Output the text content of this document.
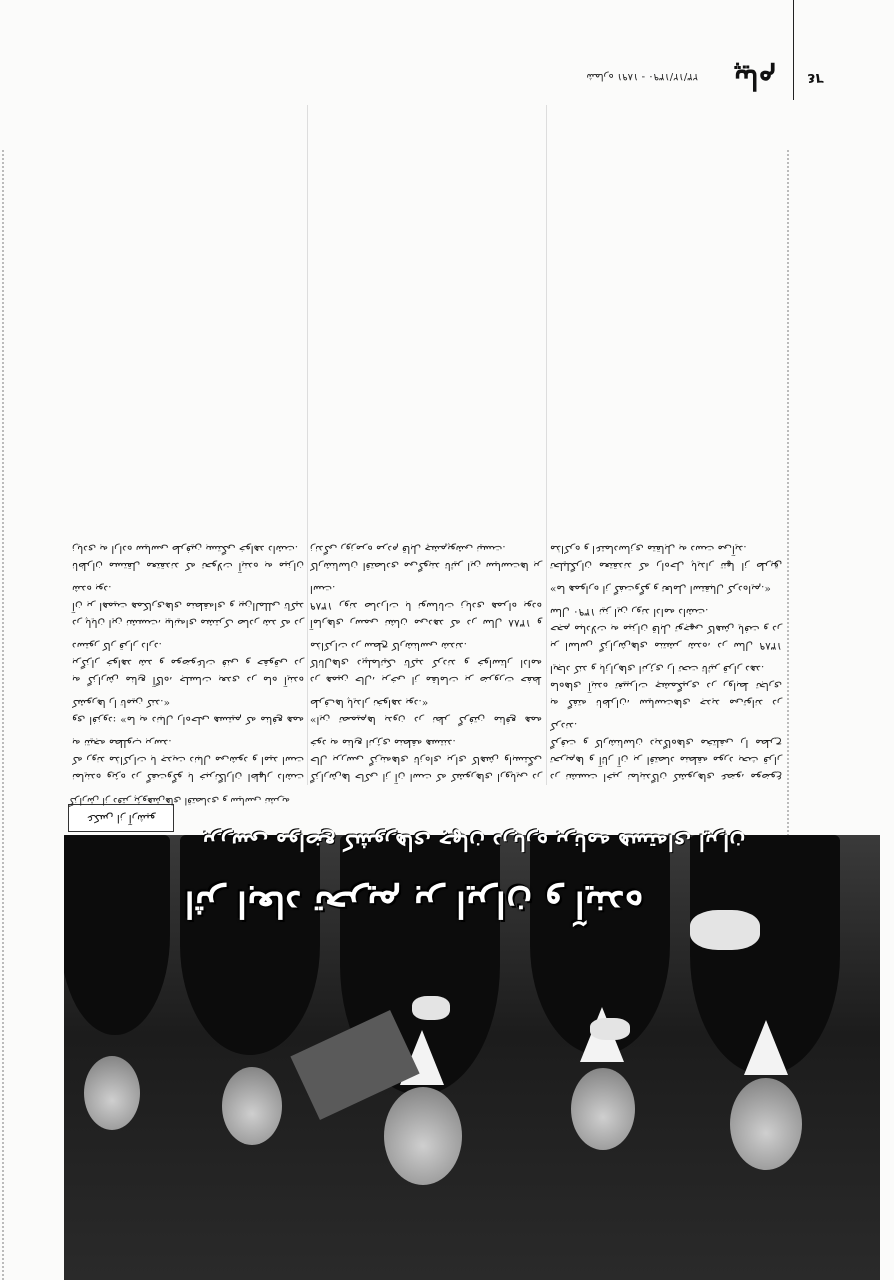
اثر ابعاد تحریم بر ایران و آینده
بررسی مواضع کشورهای جهان درباره برنامه هسته‌ای ایران
عکس از آرشیو
گزارش از دفتر پژوهش‌های اقتصادی و سیاسی نشریه

در نشست اخیر نمایندگان کشورهای عضو، موضوع تحریم‌ها و آثار آن بر اقتصاد منطقه مورد بحث قرار گرفت و کارشناسان دیدگاه‌های مختلفی را مطرح کردند.

به گفته ناظران، سیاست‌های جدید می‌تواند در ماه‌های آینده تغییرات چشمگیری در روابط تجاری ایجاد کند و بازارهای انرژی را تحت تاثیر قرار دهد.

بر اساس گزارش‌های منتشر شده، در سال ۱۳۸۹ حجم مبادلات به میزان قابل توجهی کاهش یافت و در سال ۱۳۹۰ نیز این روند ادامه داشت.

«ما همواره از گفت‌وگو و تعامل استقبال کرده‌ایم.»

تحلیلگران معتقدند که راه‌حل پایدار تنها از طریق مذاکره و اعتمادسازی متقابل به دست می‌آید.

گزارش‌ها حاکی از آن است که کشورهای اروپایی در حال بررسی گزینه‌های تازه‌ای برای کاهش وابستگی خود به منابع انرژی منطقه هستند.

«این تصمیم‌ها بدون در نظر گرفتن منافع همه طرف‌ها پایدار نخواهد بود.»

در همین حال، برخی از مقامات بر ضرورت حفظ کانال‌های دیپلماتیک تاکید کردند و خواستار ادامه مذاکرات در سطح کارشناسی شدند.

آمارهای رسمی نشان می‌دهد که در سال ۱۳۸۸ و ۱۳۸۹ روند صادرات با نوسانات زیادی همراه بوده است.

کارشناسان اقتصادی می‌گویند تاثیر این سیاست‌ها بر زندگی روزمره مردم قابل چشم‌پوشی نیست.

نماینده ویژه در گفت‌وگو با خبرنگاران اظهار داشت که روند مذاکرات با جدیت دنبال می‌شود و امید است به نتیجه مطلوب برسد.

وی افزود: «ما به دنبال راه‌حلی هستیم که منافع همه کشورها را تامین کند.»

به گزارش منابع آگاه، جلسات بعدی در ماه آینده برگزار خواهد شد و موضوعات فنی و حقوقی در دستور کار قرار دارد.

در پایان این نشست، بیانیه‌ای مشترک صادر شد که در آن بر اهمیت همکاری‌های منطقه‌ای و بین‌المللی تاکید شده بود.

ناظران مستقل معتقدند که تحولات آینده به میزان زیادی به اراده سیاسی طرفین بستگی خواهد داشت.

٦٤
پیام
شماره ۱۸۹۱ - ۲۳/۱۲/۱۳۹۰
